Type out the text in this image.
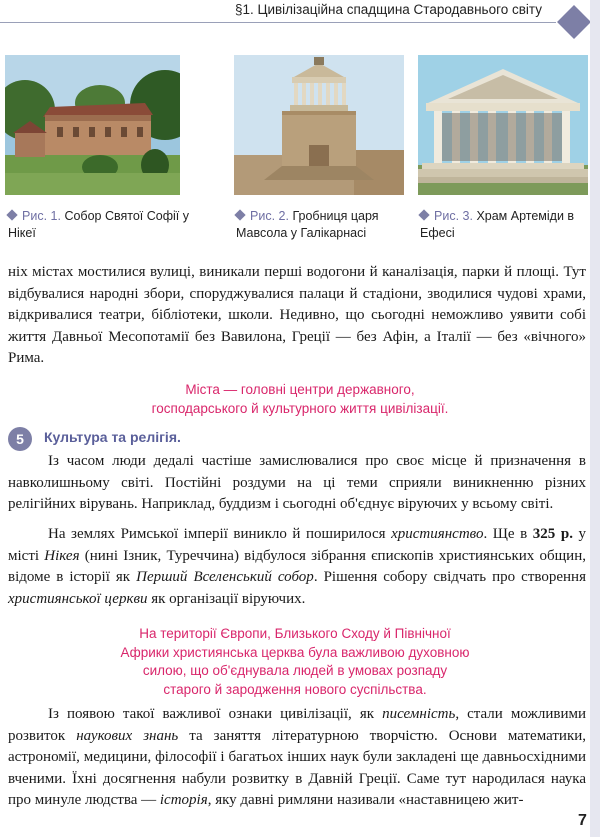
§1. Цивілізаційна спадщина Стародавнього світу
Рис. 1. Собор Святої Софії у Нікеї
Рис. 2. Гробниця царя Мавсола у Галікарнасі
Рис. 3. Храм Артеміди в Ефесі

ніх містах мостилися вулиці, виникали перші водогони й каналізація, парки й площі. Тут відбувалися народні збори, споруджувалися палаци й стадіони, зводилися чудові храми, відкривалися театри, бібліотеки, школи. Недивно, що сьогодні неможливо уявити собі життя Давньої Месопотамії без Вавилона, Греції — без Афін, а Італії — без «вічного» Рима.

Міста — головні центри державного, господарського й культурного життя цивілізації.
5	Культура та релігія.

Із часом люди дедалі частіше замислювалися про своє місце й призначення в навколишньому світі. Постійні роздуми на ці теми сприяли виникненню різних релігійних вірувань. Наприклад, буддизм і сьогодні об'єднує віруючих у всьому світі.

На землях Римської імперії виникло й поширилося християнство. Ще в 325 р. у місті Нікея (нині Ізник, Туреччина) відбулося зібрання єпископів християнських общин, відоме в історії як Перший Вселенський собор. Рішення собору свідчать про створення християнської церкви як організації віруючих.

На території Європи, Близького Сходу й Північної Африки християнська церква була важливою духовною силою, що об'єднувала людей в умовах розпаду старого й зародження нового суспільства.

Із появою такої важливої ознаки цивілізації, як писемність, стали можливими розвиток наукових знань та заняття літературною творчістю. Основи математики, астрономії, медицини, філософії і багатьох інших наук були закладені ще давньосхідними вченими. Їхні досягнення набули розвитку в Давній Греції. Саме тут народилася наука про минуле людства — історія, яку давні римляни називали «наставницею жит-

7
